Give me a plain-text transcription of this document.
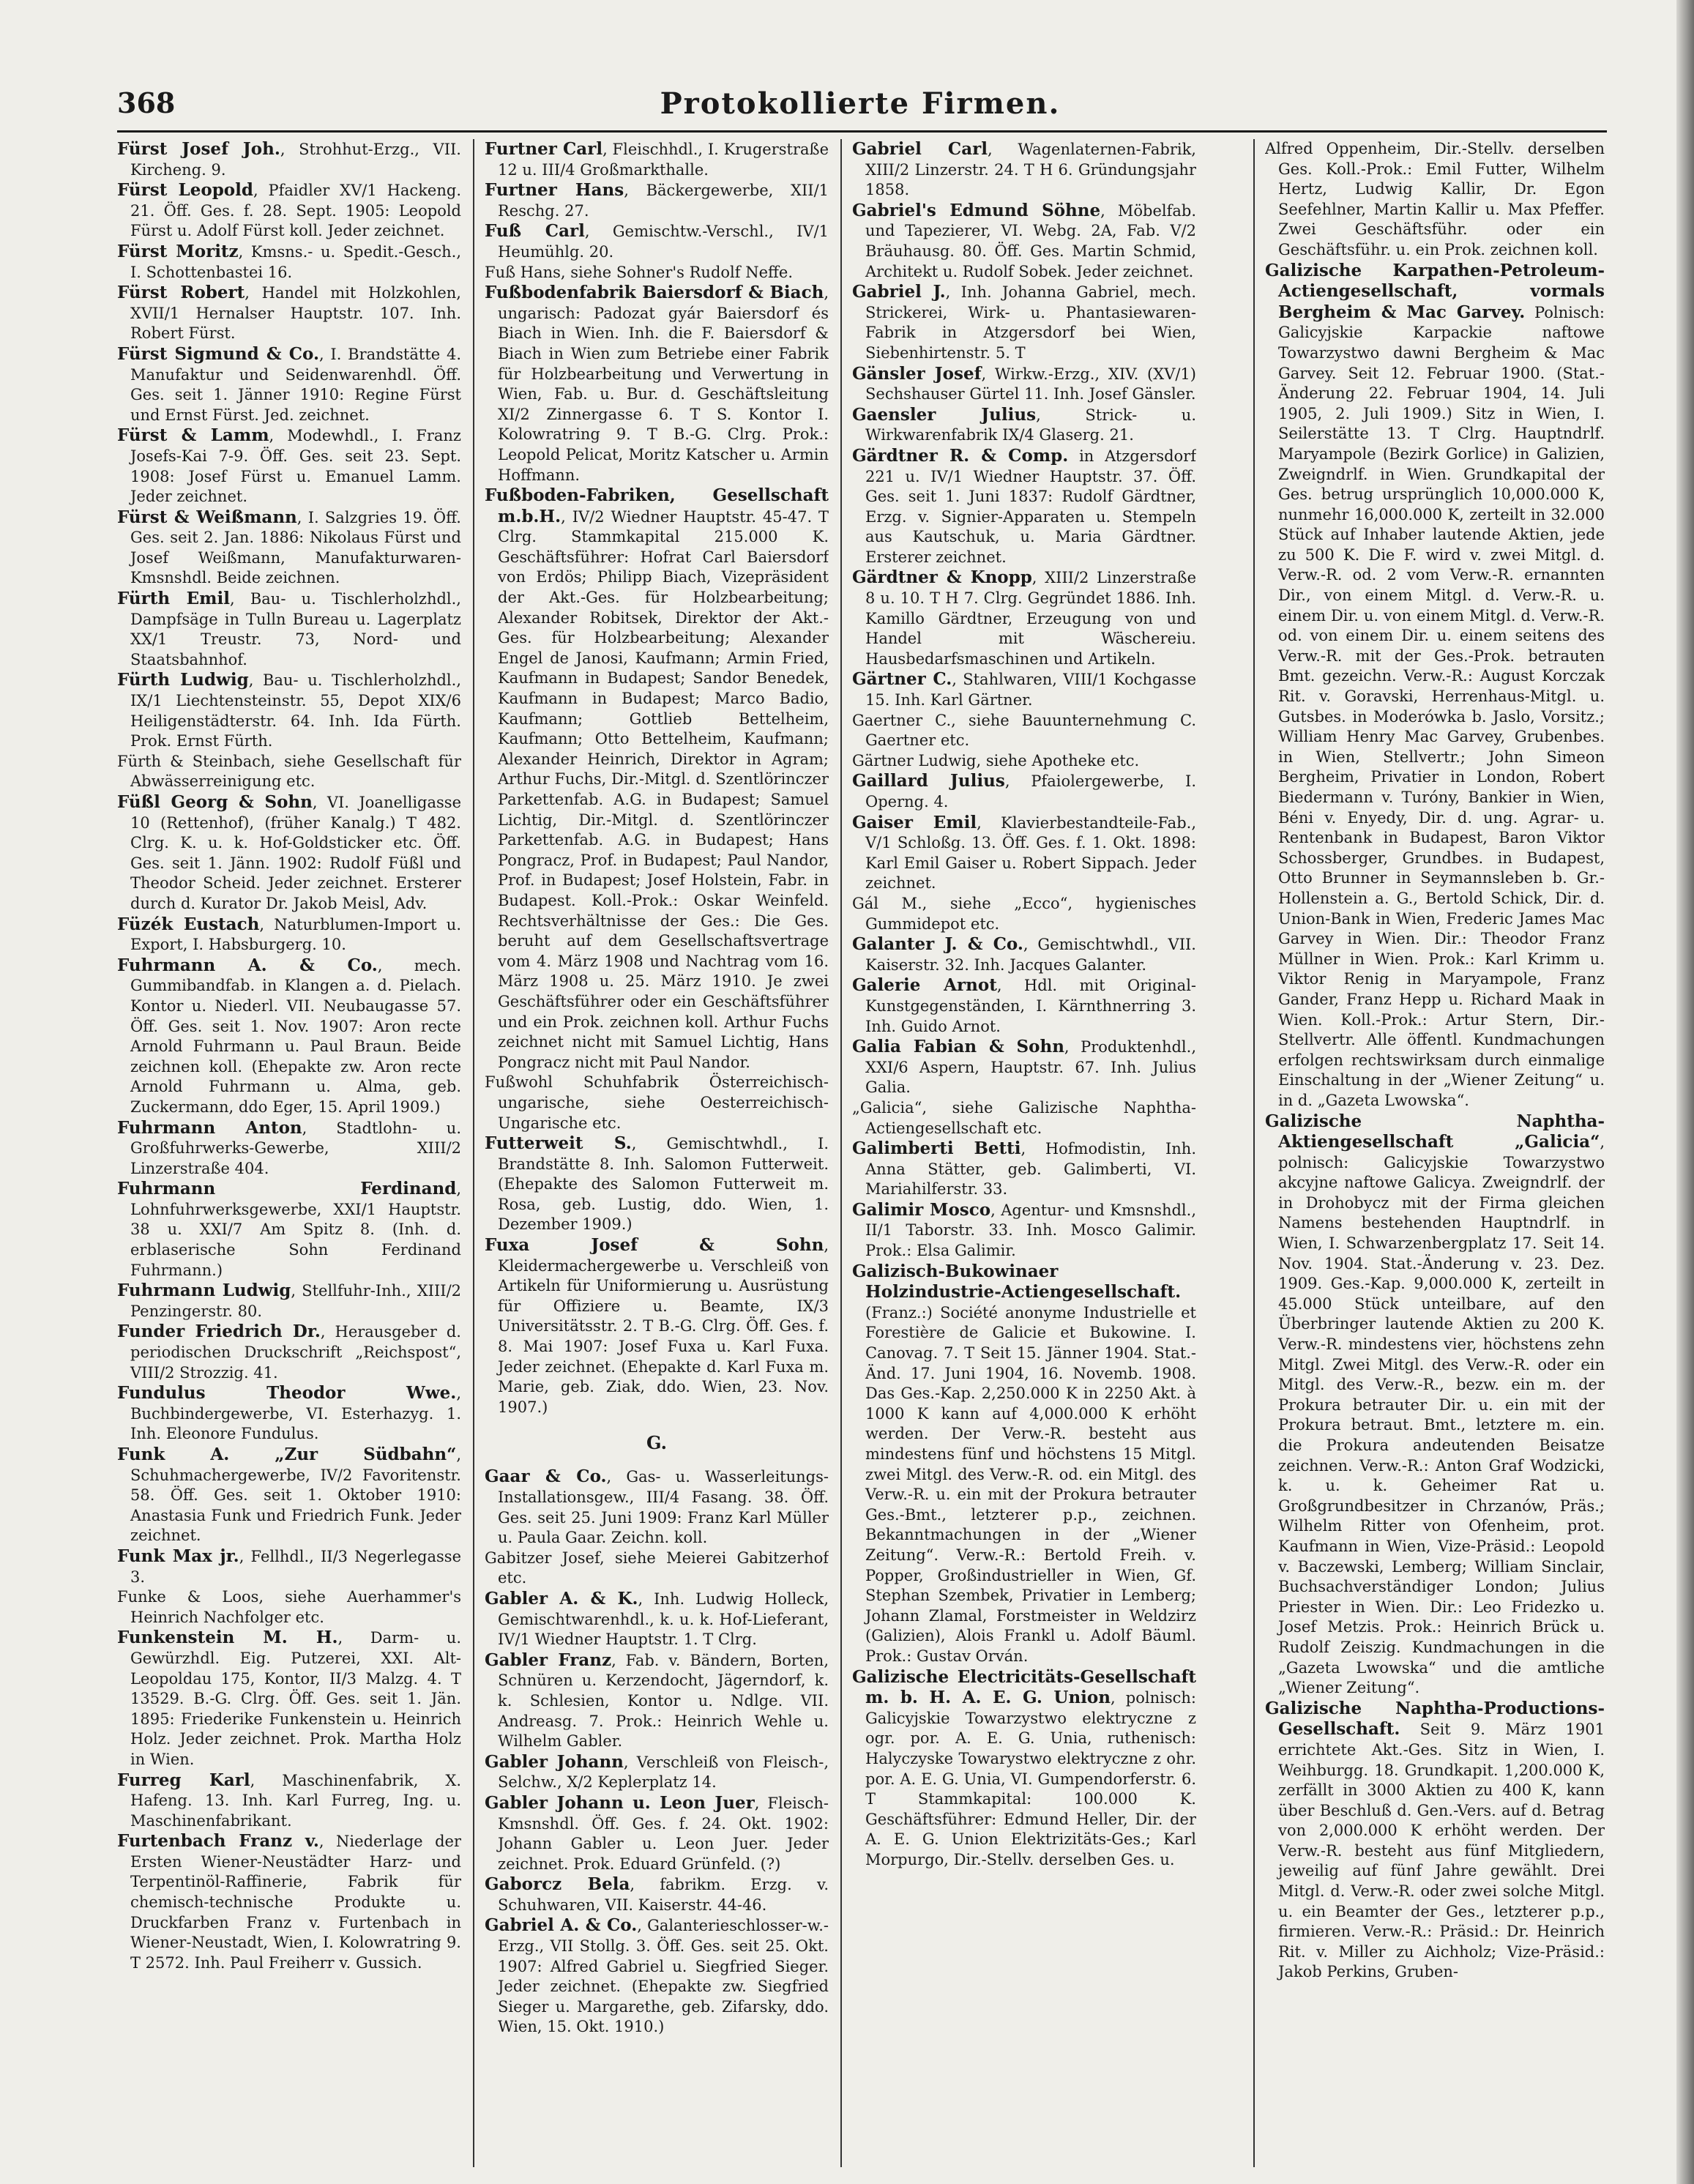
368	Protokollierte Firmen.

Fürst Josef Joh., Strohhut-Erzg., VII. Kircheng. 9.

Fürst Leopold, Pfaidler XV/1 Hackeng. 21. Öff. Ges. f. 28. Sept. 1905: Leopold Fürst u. Adolf Fürst koll. Jeder zeichnet.

Fürst Moritz, Kmsns.- u. Spedit.-Gesch., I. Schottenbastei 16.

Fürst Robert, Handel mit Holzkohlen, XVII/1 Hernalser Hauptstr. 107. Inh. Robert Fürst.

Fürst Sigmund & Co., I. Brandstätte 4. Manufaktur und Seidenwarenhdl. Öff. Ges. seit 1. Jänner 1910: Regine Fürst und Ernst Fürst. Jed. zeichnet.

Fürst & Lamm, Modewhdl., I. Franz Josefs-Kai 7-9. Öff. Ges. seit 23. Sept. 1908: Josef Fürst u. Emanuel Lamm. Jeder zeichnet.

Fürst & Weißmann, I. Salzgries 19. Öff. Ges. seit 2. Jan. 1886: Nikolaus Fürst und Josef Weißmann, Manufakturwaren-Kmsnshdl. Beide zeichnen.

Fürth Emil, Bau- u. Tischlerholzhdl., Dampfsäge in Tulln Bureau u. Lagerplatz XX/1 Treustr. 73, Nord- und Staatsbahnhof.

Fürth Ludwig, Bau- u. Tischlerholzhdl., IX/1 Liechtensteinstr. 55, Depot XIX/6 Heiligenstädterstr. 64. Inh. Ida Fürth. Prok. Ernst Fürth.

Fürth & Steinbach, siehe Gesellschaft für Abwässerreinigung etc.

Füßl Georg & Sohn, VI. Joanelligasse 10 (Rettenhof), (früher Kanalg.) T 482. Clrg. K. u. k. Hof-Goldsticker etc. Öff. Ges. seit 1. Jänn. 1902: Rudolf Füßl und Theodor Scheid. Jeder zeichnet. Ersterer durch d. Kurator Dr. Jakob Meisl, Adv.

Füzék Eustach, Naturblumen-Import u. Export, I. Habsburgerg. 10.

Fuhrmann A. & Co., mech. Gummibandfab. in Klangen a. d. Pielach. Kontor u. Niederl. VII. Neubaugasse 57. Öff. Ges. seit 1. Nov. 1907: Aron recte Arnold Fuhrmann u. Paul Braun. Beide zeichnen koll. (Ehepakte zw. Aron recte Arnold Fuhrmann u. Alma, geb. Zuckermann, ddo Eger, 15. April 1909.)

Fuhrmann Anton, Stadtlohn- u. Großfuhrwerks-Gewerbe, XIII/2 Linzerstraße 404.

Fuhrmann Ferdinand, Lohnfuhrwerksgewerbe, XXI/1 Hauptstr. 38 u. XXI/7 Am Spitz 8. (Inh. d. erblaserische Sohn Ferdinand Fuhrmann.)

Fuhrmann Ludwig, Stellfuhr-Inh., XIII/2 Penzingerstr. 80.

Funder Friedrich Dr., Herausgeber d. periodischen Druckschrift „Reichspost“, VIII/2 Strozzig. 41.

Fundulus Theodor Wwe., Buchbindergewerbe, VI. Esterhazyg. 1. Inh. Eleonore Fundulus.

Funk A. „Zur Südbahn“, Schuhmachergewerbe, IV/2 Favoritenstr. 58. Öff. Ges. seit 1. Oktober 1910: Anastasia Funk und Friedrich Funk. Jeder zeichnet.

Funk Max jr., Fellhdl., II/3 Negerlegasse 3.

Funke & Loos, siehe Auerhammer's Heinrich Nachfolger etc.

Funkenstein M. H., Darm- u. Gewürzhdl. Eig. Putzerei, XXI. Alt-Leopoldau 175, Kontor, II/3 Malzg. 4. T 13529. B.-G. Clrg. Öff. Ges. seit 1. Jän. 1895: Friederike Funkenstein u. Heinrich Holz. Jeder zeichnet. Prok. Martha Holz in Wien.

Furreg Karl, Maschinenfabrik, X. Hafeng. 13. Inh. Karl Furreg, Ing. u. Maschinenfabrikant.

Furtenbach Franz v., Niederlage der Ersten Wiener-Neustädter Harz- und Terpentinöl-Raffinerie, Fabrik für chemisch-technische Produkte u. Druckfarben Franz v. Furtenbach in Wiener-Neustadt, Wien, I. Kolowratring 9. T 2572. Inh. Paul Freiherr v. Gussich.

Furtner Carl, Fleischhdl., I. Krugerstraße 12 u. III/4 Großmarkthalle.

Furtner Hans, Bäckergewerbe, XII/1 Reschg. 27.

Fuß Carl, Gemischtw.-Verschl., IV/1 Heumühlg. 20.

Fuß Hans, siehe Sohner's Rudolf Neffe.

Fußbodenfabrik Baiersdorf & Biach, ungarisch: Padozat gyár Baiersdorf és Biach in Wien. Inh. die F. Baiersdorf & Biach in Wien zum Betriebe einer Fabrik für Holzbearbeitung und Verwertung in Wien, Fab. u. Bur. d. Geschäftsleitung XI/2 Zinnergasse 6. T S. Kontor I. Kolowratring 9. T B.-G. Clrg. Prok.: Leopold Pelicat, Moritz Katscher u. Armin Hoffmann.

Fußboden-Fabriken, Gesellschaft m.b.H., IV/2 Wiedner Hauptstr. 45-47. T Clrg. Stammkapital 215.000 K. Geschäftsführer: Hofrat Carl Baiersdorf von Erdös; Philipp Biach, Vizepräsident der Akt.-Ges. für Holzbearbeitung; Alexander Robitsek, Direktor der Akt.-Ges. für Holzbearbeitung; Alexander Engel de Janosi, Kaufmann; Armin Fried, Kaufmann in Budapest; Sandor Benedek, Kaufmann in Budapest; Marco Badio, Kaufmann; Gottlieb Bettelheim, Kaufmann; Otto Bettelheim, Kaufmann; Alexander Heinrich, Direktor in Agram; Arthur Fuchs, Dir.-Mitgl. d. Szentlörinczer Parkettenfab. A.G. in Budapest; Samuel Lichtig, Dir.-Mitgl. d. Szentlörinczer Parkettenfab. A.G. in Budapest; Hans Pongracz, Prof. in Budapest; Paul Nandor, Prof. in Budapest; Josef Holstein, Fabr. in Budapest. Koll.-Prok.: Oskar Weinfeld. Rechtsverhältnisse der Ges.: Die Ges. beruht auf dem Gesellschaftsvertrage vom 4. März 1908 und Nachtrag vom 16. März 1908 u. 25. März 1910. Je zwei Geschäftsführer oder ein Geschäftsführer und ein Prok. zeichnen koll. Arthur Fuchs zeichnet nicht mit Samuel Lichtig, Hans Pongracz nicht mit Paul Nandor.

Fußwohl Schuhfabrik Österreichisch-ungarische, siehe Oesterreichisch-Ungarische etc.

Futterweit S., Gemischtwhdl., I. Brandstätte 8. Inh. Salomon Futterweit. (Ehepakte des Salomon Futterweit m. Rosa, geb. Lustig, ddo. Wien, 1. Dezember 1909.)

Fuxa Josef & Sohn, Kleidermachergewerbe u. Verschleiß von Artikeln für Uniformierung u. Ausrüstung für Offiziere u. Beamte, IX/3 Universitätsstr. 2. T B.-G. Clrg. Öff. Ges. f. 8. Mai 1907: Josef Fuxa u. Karl Fuxa. Jeder zeichnet. (Ehepakte d. Karl Fuxa m. Marie, geb. Ziak, ddo. Wien, 23. Nov. 1907.)

G.

Gaar & Co., Gas- u. Wasserleitungs-Installationsgew., III/4 Fasang. 38. Öff. Ges. seit 25. Juni 1909: Franz Karl Müller u. Paula Gaar. Zeichn. koll.

Gabitzer Josef, siehe Meierei Gabitzerhof etc.

Gabler A. & K., Inh. Ludwig Holleck, Gemischtwarenhdl., k. u. k. Hof-Lieferant, IV/1 Wiedner Hauptstr. 1. T Clrg.

Gabler Franz, Fab. v. Bändern, Borten, Schnüren u. Kerzendocht, Jägerndorf, k. k. Schlesien, Kontor u. Ndlge. VII. Andreasg. 7. Prok.: Heinrich Wehle u. Wilhelm Gabler.

Gabler Johann, Verschleiß von Fleisch-, Selchw., X/2 Keplerplatz 14.

Gabler Johann u. Leon Juer, Fleisch-Kmsnshdl. Öff. Ges. f. 24. Okt. 1902: Johann Gabler u. Leon Juer. Jeder zeichnet. Prok. Eduard Grünfeld. (?)

Gaborcz Bela, fabrikm. Erzg. v. Schuhwaren, VII. Kaiserstr. 44-46.

Gabriel A. & Co., Galanterieschlosser-w.-Erzg., VII Stollg. 3. Öff. Ges. seit 25. Okt. 1907: Alfred Gabriel u. Siegfried Sieger. Jeder zeichnet. (Ehepakte zw. Siegfried Sieger u. Margarethe, geb. Zifarsky, ddo. Wien, 15. Okt. 1910.)

Gabriel Carl, Wagenlaternen-Fabrik, XIII/2 Linzerstr. 24. T H 6. Gründungsjahr 1858.

Gabriel's Edmund Söhne, Möbelfab. und Tapezierer, VI. Webg. 2A, Fab. V/2 Bräuhausg. 80. Öff. Ges. Martin Schmid, Architekt u. Rudolf Sobek. Jeder zeichnet.

Gabriel J., Inh. Johanna Gabriel, mech. Strickerei, Wirk- u. Phantasiewaren-Fabrik in Atzgersdorf bei Wien, Siebenhirtenstr. 5. T

Gänsler Josef, Wirkw.-Erzg., XIV. (XV/1) Sechshauser Gürtel 11. Inh. Josef Gänsler.

Gaensler Julius, Strick- u. Wirkwarenfabrik IX/4 Glaserg. 21.

Gärdtner R. & Comp. in Atzgersdorf 221 u. IV/1 Wiedner Hauptstr. 37. Öff. Ges. seit 1. Juni 1837: Rudolf Gärdtner, Erzg. v. Signier-Apparaten u. Stempeln aus Kautschuk, u. Maria Gärdtner. Ersterer zeichnet.

Gärdtner & Knopp, XIII/2 Linzerstraße 8 u. 10. T H 7. Clrg. Gegründet 1886. Inh. Kamillo Gärdtner, Erzeugung von und Handel mit Wäschereiu. Hausbedarfsmaschinen und Artikeln.

Gärtner C., Stahlwaren, VIII/1 Kochgasse 15. Inh. Karl Gärtner.

Gaertner C., siehe Bauunternehmung C. Gaertner etc.

Gärtner Ludwig, siehe Apotheke etc.

Gaillard Julius, Pfaiolergewerbe, I. Operng. 4.

Gaiser Emil, Klavierbestandteile-Fab., V/1 Schloßg. 13. Öff. Ges. f. 1. Okt. 1898: Karl Emil Gaiser u. Robert Sippach. Jeder zeichnet.

Gál M., siehe „Ecco“, hygienisches Gummidepot etc.

Galanter J. & Co., Gemischtwhdl., VII. Kaiserstr. 32. Inh. Jacques Galanter.

Galerie Arnot, Hdl. mit Original-Kunstgegenständen, I. Kärnthnerring 3. Inh. Guido Arnot.

Galia Fabian & Sohn, Produktenhdl., XXI/6 Aspern, Hauptstr. 67. Inh. Julius Galia.

„Galicia“, siehe Galizische Naphtha-Actiengesellschaft etc.

Galimberti Betti, Hofmodistin, Inh. Anna Stätter, geb. Galimberti, VI. Mariahilferstr. 33.

Galimir Mosco, Agentur- und Kmsnshdl., II/1 Taborstr. 33. Inh. Mosco Galimir. Prok.: Elsa Galimir.

Galizisch-Bukowinaer Holzindustrie-Actiengesellschaft. (Franz.:) Société anonyme Industrielle et Forestière de Galicie et Bukowine. I. Canovag. 7. T Seit 15. Jänner 1904. Stat.-Änd. 17. Juni 1904, 16. Novemb. 1908. Das Ges.-Kap. 2,250.000 K in 2250 Akt. à 1000 K kann auf 4,000.000 K erhöht werden. Der Verw.-R. besteht aus mindestens fünf und höchstens 15 Mitgl. zwei Mitgl. des Verw.-R. od. ein Mitgl. des Verw.-R. u. ein mit der Prokura betrauter Ges.-Bmt., letzterer p.p., zeichnen. Bekanntmachungen in der „Wiener Zeitung“. Verw.-R.: Bertold Freih. v. Popper, Großindustrieller in Wien, Gf. Stephan Szembek, Privatier in Lemberg; Johann Zlamal, Forstmeister in Weldzirz (Galizien), Alois Frankl u. Adolf Bäuml. Prok.: Gustav Orván.

Galizische Electricitäts-Gesellschaft m. b. H. A. E. G. Union, polnisch: Galicyjskie Towarzystwo elektryczne z ogr. por. A. E. G. Unia, ruthenisch: Halyczyske Towarystwo elektryczne z ohr. por. A. E. G. Unia, VI. Gumpendorferstr. 6. T Stammkapital: 100.000 K. Geschäftsführer: Edmund Heller, Dir. der A. E. G. Union Elektrizitäts-Ges.; Karl Morpurgo, Dir.-Stellv. derselben Ges. u.

Alfred Oppenheim, Dir.-Stellv. derselben Ges. Koll.-Prok.: Emil Futter, Wilhelm Hertz, Ludwig Kallir, Dr. Egon Seefehlner, Martin Kallir u. Max Pfeffer. Zwei Geschäftsführ. oder ein Geschäftsführ. u. ein Prok. zeichnen koll.

Galizische Karpathen-Petroleum-Actiengesellschaft, vormals Bergheim & Mac Garvey. Polnisch: Galicyjskie Karpackie naftowe Towarzystwo dawni Bergheim & Mac Garvey. Seit 12. Februar 1900. (Stat.-Änderung 22. Februar 1904, 14. Juli 1905, 2. Juli 1909.) Sitz in Wien, I. Seilerstätte 13. T Clrg. Hauptndrlf. Maryampole (Bezirk Gorlice) in Galizien, Zweigndrlf. in Wien. Grundkapital der Ges. betrug ursprünglich 10,000.000 K, nunmehr 16,000.000 K, zerteilt in 32.000 Stück auf Inhaber lautende Aktien, jede zu 500 K. Die F. wird v. zwei Mitgl. d. Verw.-R. od. 2 vom Verw.-R. ernannten Dir., von einem Mitgl. d. Verw.-R. u. einem Dir. u. von einem Mitgl. d. Verw.-R. od. von einem Dir. u. einem seitens des Verw.-R. mit der Ges.-Prok. betrauten Bmt. gezeichn. Verw.-R.: August Korczak Rit. v. Goravski, Herrenhaus-Mitgl. u. Gutsbes. in Moderówka b. Jaslo, Vorsitz.; William Henry Mac Garvey, Grubenbes. in Wien, Stellvertr.; John Simeon Bergheim, Privatier in London, Robert Biedermann v. Turóny, Bankier in Wien, Béni v. Enyedy, Dir. d. ung. Agrar- u. Rentenbank in Budapest, Baron Viktor Schossberger, Grundbes. in Budapest, Otto Brunner in Seymannsleben b. Gr.-Hollenstein a. G., Bertold Schick, Dir. d. Union-Bank in Wien, Frederic James Mac Garvey in Wien. Dir.: Theodor Franz Müllner in Wien. Prok.: Karl Krimm u. Viktor Renig in Maryampole, Franz Gander, Franz Hepp u. Richard Maak in Wien. Koll.-Prok.: Artur Stern, Dir.-Stellvertr. Alle öffentl. Kundmachungen erfolgen rechtswirksam durch einmalige Einschaltung in der „Wiener Zeitung“ u. in d. „Gazeta Lwowska“.

Galizische Naphtha-Aktiengesellschaft „Galicia“, polnisch: Galicyjskie Towarzystwo akcyjne naftowe Galicya. Zweigndrlf. der in Drohobycz mit der Firma gleichen Namens bestehenden Hauptndrlf. in Wien, I. Schwarzenbergplatz 17. Seit 14. Nov. 1904. Stat.-Änderung v. 23. Dez. 1909. Ges.-Kap. 9,000.000 K, zerteilt in 45.000 Stück unteilbare, auf den Überbringer lautende Aktien zu 200 K. Verw.-R. mindestens vier, höchstens zehn Mitgl. Zwei Mitgl. des Verw.-R. oder ein Mitgl. des Verw.-R., bezw. ein m. der Prokura betrauter Dir. u. ein mit der Prokura betraut. Bmt., letztere m. ein. die Prokura andeutenden Beisatze zeichnen. Verw.-R.: Anton Graf Wodzicki, k. u. k. Geheimer Rat u. Großgrundbesitzer in Chrzanów, Präs.; Wilhelm Ritter von Ofenheim, prot. Kaufmann in Wien, Vize-Präsid.: Leopold v. Baczewski, Lemberg; William Sinclair, Buchsachverständiger London; Julius Priester in Wien. Dir.: Leo Fridezko u. Josef Metzis. Prok.: Heinrich Brück u. Rudolf Zeiszig. Kundmachungen in die „Gazeta Lwowska“ und die amtliche „Wiener Zeitung“.

Galizische Naphtha-Productions-Gesellschaft. Seit 9. März 1901 errichtete Akt.-Ges. Sitz in Wien, I. Weihburgg. 18. Grundkapit. 1,200.000 K, zerfällt in 3000 Aktien zu 400 K, kann über Beschluß d. Gen.-Vers. auf d. Betrag von 2,000.000 K erhöht werden. Der Verw.-R. besteht aus fünf Mitgliedern, jeweilig auf fünf Jahre gewählt. Drei Mitgl. d. Verw.-R. oder zwei solche Mitgl. u. ein Beamter der Ges., letzterer p.p., firmieren. Verw.-R.: Präsid.: Dr. Heinrich Rit. v. Miller zu Aichholz; Vize-Präsid.: Jakob Perkins, Gruben-
